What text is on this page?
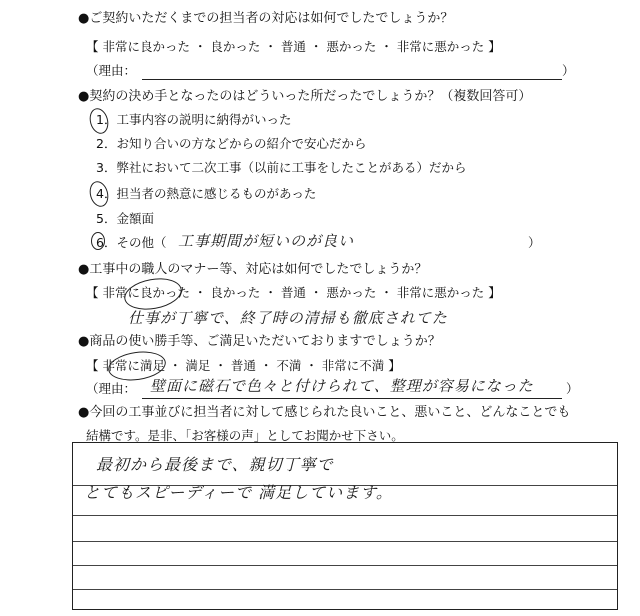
●ご契約いただくまでの担当者の対応は如何でしたでしょうか？
【 非常に良かった ・ 良かった ・ 普通 ・ 悪かった ・ 非常に悪かった 】
（理由：	）
●契約の決め手となったのはどういった所だったでしょうか？（複数回答可）
1．工事内容の説明に納得がいった
2．お知り合いの方などからの紹介で安心だから
3．弊社において二次工事（以前に工事をしたことがある）だから
4．担当者の熱意に感じるものがあった
5．金額面
6．その他（ 工事期間が短いのが良い	）
●工事中の職人のマナー等、対応は如何でしたでしょうか？
【 非常に良かった ・ 良かった ・ 普通 ・ 悪かった ・ 非常に悪かった 】
仕事が丁寧で、終了時の清掃も徹底されてた
●商品の使い勝手等、ご満足いただいておりますでしょうか？
【 非常に満足 ・ 満足 ・ 普通 ・ 不満 ・ 非常に不満 】
（理由： 壁面に磁石で色々と付けられて、整理が容易になった	）
●今回の工事並びに担当者に対して感じられた良いこと、悪いこと、どんなことでも
結構です。是非、「お客様の声」としてお聞かせ下さい。
最初から最後まで、親切丁寧で
とてもスピーディーで 満足しています。
